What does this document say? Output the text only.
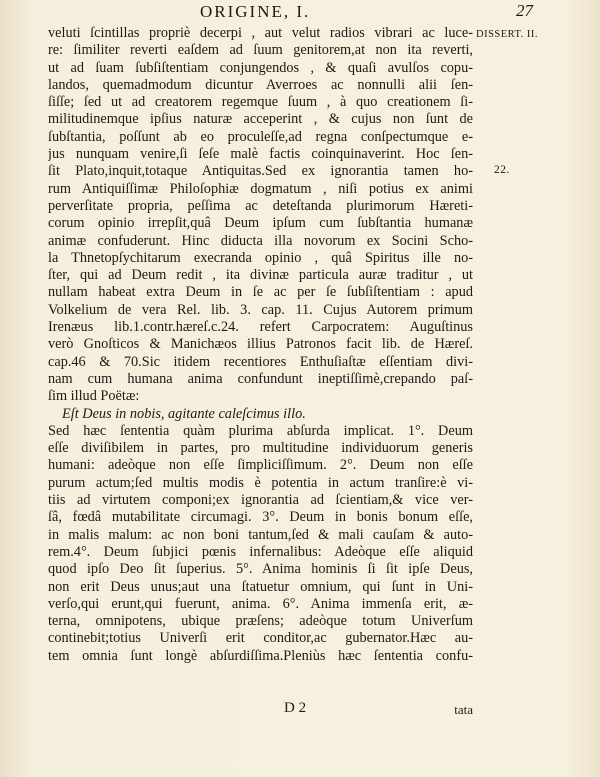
ORIGINE, I.	27
DISSERT. II.
22.
veluti ſcintillas propriè decerpi , aut velut radios vibrari ac luce-
re: ſimiliter reverti eaſdem ad ſuum genitorem,at non ita reverti,
ut ad ſuam ſubſiſtentiam conjungendos , & quaſi avulſos copu-
landos, quemadmodum dicuntur Averroes ac nonnulli alii ſen-
ſiſſe; ſed ut ad creatorem regemque ſuum , à quo creationem ſi-
militudinemque ipſius naturæ acceperint , & cujus non ſunt de
ſubſtantia, poſſunt ab eo proculeſſe,ad regna conſpectumque e-
jus nunquam venire,ſi ſeſe malè factis coinquinaverint. Hoc ſen-
ſit Plato,inquit,totaque Antiquitas.Sed ex ignorantia tamen ho-
rum Antiquiſſimæ Philoſophiæ dogmatum , niſi potius ex animi
perverſitate propria, peſſima ac deteſtanda plurimorum Hæreti-
corum opinio irrepſit,quâ Deum ipſum cum ſubſtantia humanæ
animæ confuderunt. Hinc diducta illa novorum ex Socini Scho-
la Thnetopſychitarum execranda opinio , quâ Spiritus ille no-
ſter, qui ad Deum redit , ita divinæ particula auræ traditur , ut
nullam habeat extra Deum in ſe ac per ſe ſubſiſtentiam : apud
Volkelium de vera Rel. lib. 3. cap. 11. Cujus Autorem primum
Irenæus lib.1.contr.hæreſ.c.24. refert Carpocratem: Auguſtinus
verò Gnoſticos & Manichæos illius Patronos facit lib. de Hæreſ.
cap.46 & 70.Sic itidem recentiores Enthuſiaſtæ eſſentiam divi-
nam cum humana anima confundunt ineptiſſimè,crepando paſ-
ſim illud Poëtæ:
Eſt Deus in nobis, agitante caleſcimus illo.
Sed hæc ſententia quàm plurima abſurda implicat. 1°. Deum
eſſe diviſibilem in partes, pro multitudine individuorum generis
humani: adeòque non eſſe ſimpliciſſimum. 2°. Deum non eſſe
purum actum;ſed multis modis è potentia in actum tranſire:è vi-
tiis ad virtutem componi;ex ignorantia ad ſcientiam,& vice ver-
ſâ, fœdâ mutabilitate circumagi. 3°. Deum in bonis bonum eſſe,
in malis malum: ac non boni tantum,ſed & mali cauſam & auto-
rem.4°. Deum ſubjici pœnis infernalibus: Adeòque eſſe aliquid
quod ipſo Deo ſit ſuperius. 5°. Anima hominis ſi ſit ipſe Deus,
non erit Deus unus;aut una ſtatuetur omnium, qui ſunt in Uni-
verſo,qui erunt,qui fuerunt, anima. 6°. Anima immenſa erit, æ-
terna, omnipotens, ubique præſens; adeòque totum Univerſum
continebit;totius Univerſi erit conditor,ac gubernator.Hæc au-
tem omnia ſunt longè abſurdiſſima.Pleniùs hæc ſententia confu-
D 2	tata
